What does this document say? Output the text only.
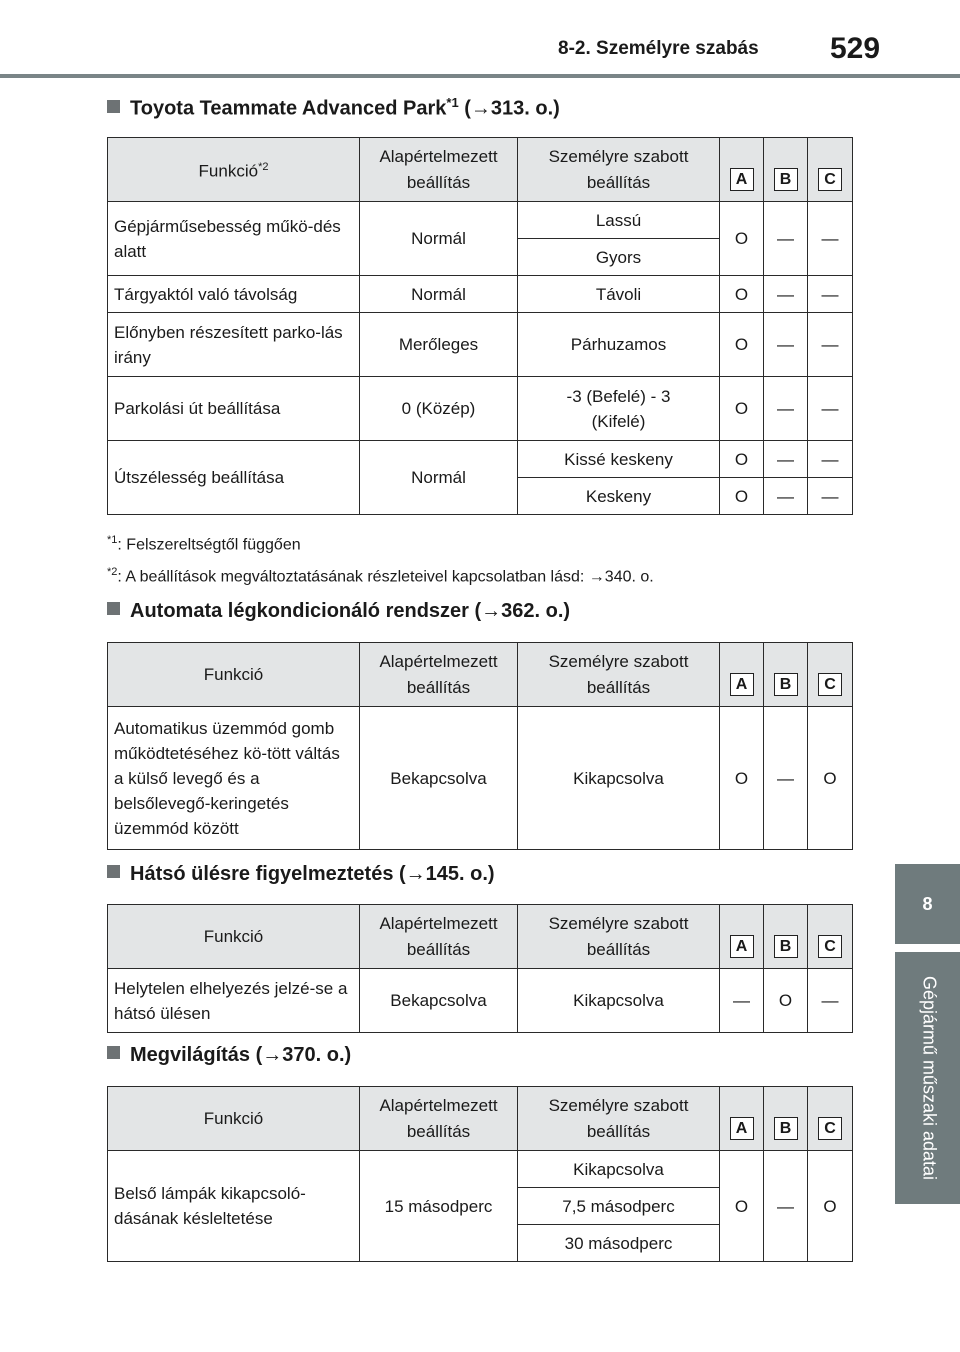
8-2. Személyre szabás 529
8
Gépjármű műszaki adatai
Toyota Teammate Advanced Park$^{*1}$ (→313. o.)
Funkció$^{*2}$	Alapértelmezett beállítás	Személyre szabott beállítás	A	B	C
Gépjárműsebesség műkö-dés alatt	Normál	Lassú	O	—	—
		Gyors			
Tárgyaktól való távolság	Normál	Távoli	O	—	—
Előnyben részesített parko-lás irány	Merőleges	Párhuzamos	O	—	—
Parkolási út beállítása	0 (Közép)	-3 (Befelé) - 3 (Kifelé)	O	—	—
Útszélesség beállítása	Normál	Kissé keskeny	O	—	—
		Keskeny	O	—	—
$^{*1}$: Felszereltségtől függően
$^{*2}$: A beállítások megváltoztatásának részleteivel kapcsolatban lásd: →340. o.
Automata légkondicionáló rendszer (→362. o.)
Funkció	Alapértelmezett beállítás	Személyre szabott beállítás	A	B	C
Automatikus üzemmód gomb működtetéséhez kö-tött váltás a külső levegő és a belsőlevegő-keringetés üzemmód között	Bekapcsolva	Kikapcsolva	O	—	O
Hátsó ülésre figyelmeztetés (→145. o.)
Funkció	Alapértelmezett beállítás	Személyre szabott beállítás	A	B	C
Helytelen elhelyezés jelzé-se a hátsó ülésen	Bekapcsolva	Kikapcsolva	—	O	—
Megvilágítás (→370. o.)
Funkció	Alapértelmezett beállítás	Személyre szabott beállítás	A	B	C
Belső lámpák kikapcsoló-dásának késleltetése	15 másodperc	Kikapcsolva	O	—	O
		7,5 másodperc			
		30 másodperc			
